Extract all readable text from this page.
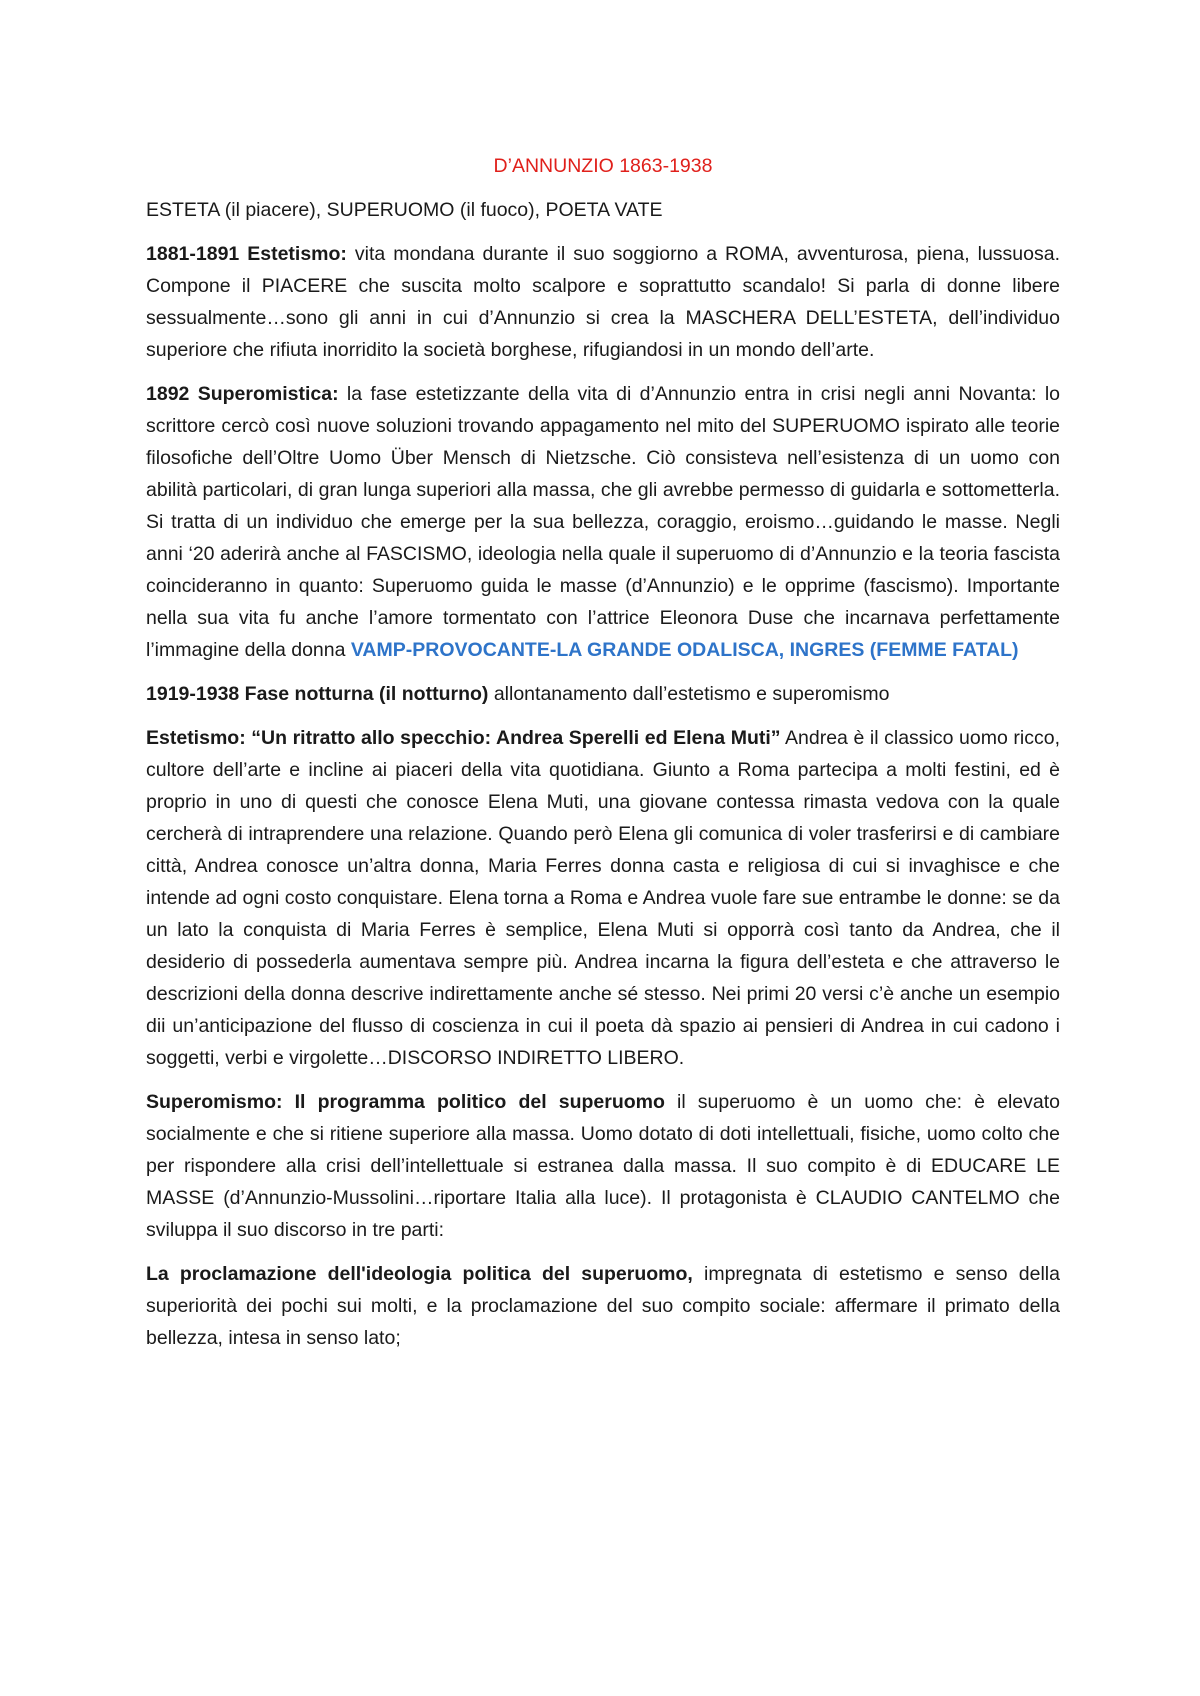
D’ANNUNZIO 1863-1938

ESTETA (il piacere), SUPERUOMO (il fuoco), POETA VATE

1881-1891 Estetismo: vita mondana durante il suo soggiorno a ROMA, avventurosa, piena, lussuosa. Compone il PIACERE che suscita molto scalpore e soprattutto scandalo! Si parla di donne libere sessualmente…sono gli anni in cui d’Annunzio si crea la MASCHERA DELL’ESTETA, dell’individuo superiore che rifiuta inorridito la società borghese, rifugiandosi in un mondo dell’arte.

1892 Superomistica: la fase estetizzante della vita di d’Annunzio entra in crisi negli anni Novanta: lo scrittore cercò così nuove soluzioni trovando appagamento nel mito del SUPERUOMO ispirato alle teorie filosofiche dell’Oltre Uomo Über Mensch di Nietzsche. Ciò consisteva nell’esistenza di un uomo con abilità particolari, di gran lunga superiori alla massa, che gli avrebbe permesso di guidarla e sottometterla. Si tratta di un individuo che emerge per la sua bellezza, coraggio, eroismo…guidando le masse. Negli anni ‘20 aderirà anche al FASCISMO, ideologia nella quale il superuomo di d’Annunzio e la teoria fascista coincideranno in quanto: Superuomo guida le masse (d’Annunzio) e le opprime (fascismo). Importante nella sua vita fu anche l’amore tormentato con l’attrice Eleonora Duse che incarnava perfettamente l’immagine della donna VAMP-PROVOCANTE-LA GRANDE ODALISCA, INGRES (FEMME FATAL)

1919-1938 Fase notturna (il notturno) allontanamento dall’estetismo e superomismo

Estetismo: “Un ritratto allo specchio: Andrea Sperelli ed Elena Muti” Andrea è il classico uomo ricco, cultore dell’arte e incline ai piaceri della vita quotidiana. Giunto a Roma partecipa a molti festini, ed è proprio in uno di questi che conosce Elena Muti, una giovane contessa rimasta vedova con la quale cercherà di intraprendere una relazione. Quando però Elena gli comunica di voler trasferirsi e di cambiare città, Andrea conosce un’altra donna, Maria Ferres donna casta e religiosa di cui si invaghisce e che intende ad ogni costo conquistare. Elena torna a Roma e Andrea vuole fare sue entrambe le donne: se da un lato la conquista di Maria Ferres è semplice, Elena Muti si opporrà così tanto da Andrea, che il desiderio di possederla aumentava sempre più. Andrea incarna la figura dell’esteta e che attraverso le descrizioni della donna descrive indirettamente anche sé stesso. Nei primi 20 versi c’è anche un esempio dii un’anticipazione del flusso di coscienza in cui il poeta dà spazio ai pensieri di Andrea in cui cadono i soggetti, verbi e virgolette…DISCORSO INDIRETTO LIBERO.

Superomismo: Il programma politico del superuomo il superuomo è un uomo che: è elevato socialmente e che si ritiene superiore alla massa. Uomo dotato di doti intellettuali, fisiche, uomo colto che per rispondere alla crisi dell’intellettuale si estranea dalla massa. Il suo compito è di EDUCARE LE MASSE (d’Annunzio-Mussolini…riportare Italia alla luce). Il protagonista è CLAUDIO CANTELMO che sviluppa il suo discorso in tre parti:

La proclamazione dell'ideologia politica del superuomo, impregnata di estetismo e senso della superiorità dei pochi sui molti, e la proclamazione del suo compito sociale: affermare il primato della bellezza, intesa in senso lato;
